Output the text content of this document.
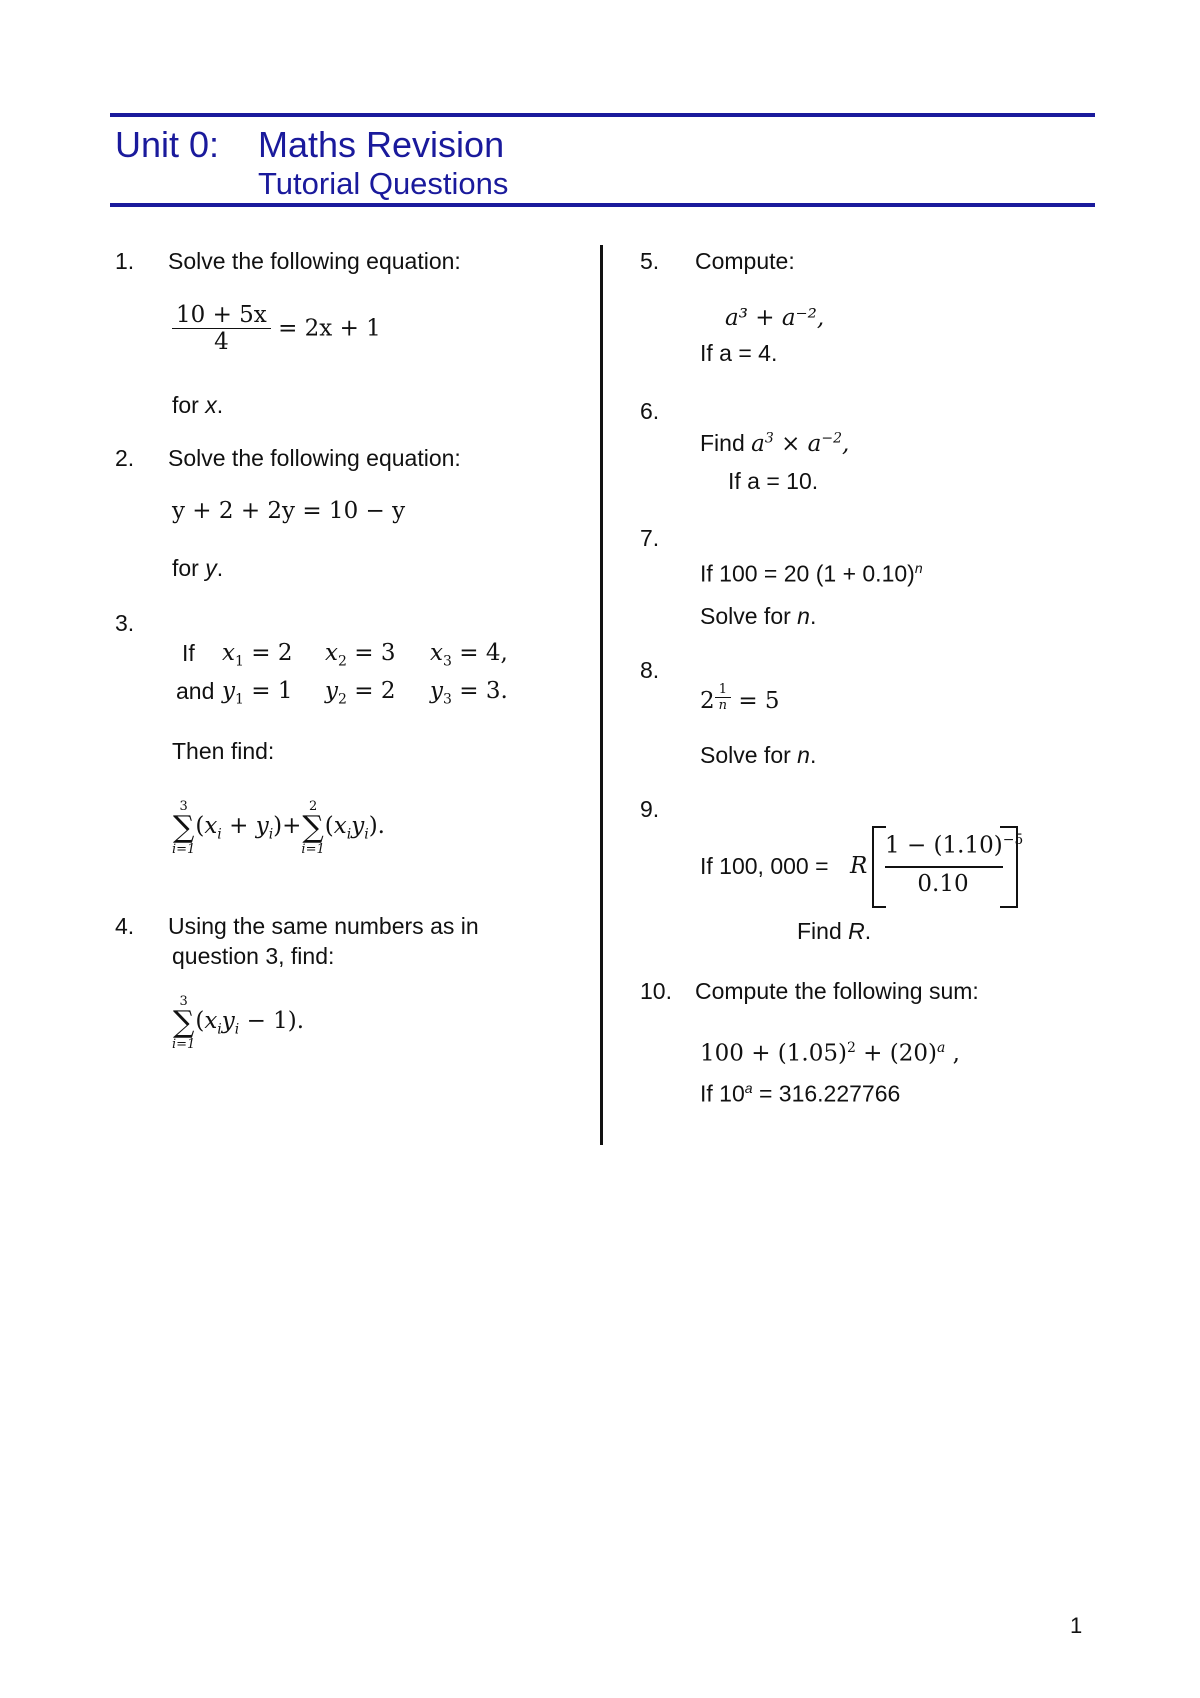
Unit 0: Maths Revision
Tutorial Questions
1. Solve the following equation:
$\frac{10 + 5x}{4} = 2x + 1$
for x.
2. Solve the following equation:
y + 2 + 2y = 10 − y
for y.
3.
If $x_1 = 2$ $x_2 = 3$ $x_3 = 4$,
and $y_1 = 1$ $y_2 = 2$ $y_3 = 3$.
Then find:
3
∑
i=1
$(x_i + y_i)+$
2
∑
i=1
$(x_iy_i)$.
4. Using the same numbers as in
question 3, find:
3
∑
i=1
$(x_iy_i - 1)$.
5. Compute:
a³ + a⁻²,
If a = 4.
6.
Find $a^3 \times a^{-2}$,
If a = 10.
7.
If 100 = 20 $(1 + 0.10)^n$
Solve for n.
8.
$2 \frac{1}{n} = 5$
Solve for n.
9.
If 100, 000 = R
$1 - (1.10)^{-5}$
0.10
Find R.
10. Compute the following sum:
$100 + (1.05)^2 + (20)^a$ ,
If $10^a = 316.227766$
1
